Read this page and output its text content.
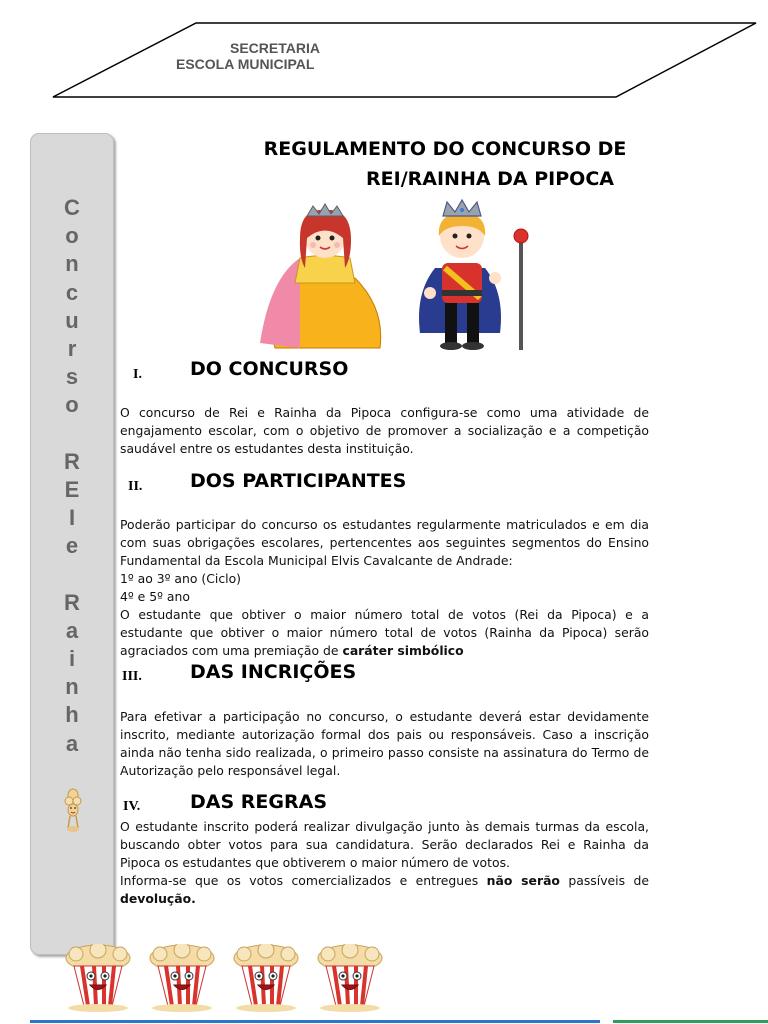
SECRETARIA
ESCOLA MUNICIPAL
C
o
n
c
u
r
s
o
R
E
I
e
R
a
i
n
h
a
REGULAMENTO DO CONCURSO DE
REI/RAINHA DA PIPOCA
I.	DO CONCURSO

O concurso de Rei e Rainha da Pipoca configura-se como uma atividade de engajamento escolar, com o objetivo de promover a socialização e a competição saudável entre os estudantes desta instituição.

II.	DOS PARTICIPANTES

Poderão participar do concurso os estudantes regularmente matriculados e em dia com suas obrigações escolares, pertencentes aos seguintes segmentos do Ensino Fundamental da Escola Municipal Elvis Cavalcante de Andrade:

1º ao 3º ano (Ciclo)

4º e 5º ano

O estudante que obtiver o maior número total de votos (Rei da Pipoca) e a estudante que obtiver o maior número total de votos (Rainha da Pipoca) serão agraciados com uma premiação de caráter simbólico

III.	DAS INCRIÇÕES

Para efetivar a participação no concurso, o estudante deverá estar devidamente inscrito, mediante autorização formal dos pais ou responsáveis. Caso a inscrição ainda não tenha sido realizada, o primeiro passo consiste na assinatura do Termo de Autorização pelo responsável legal.

IV.	DAS REGRAS

O estudante inscrito poderá realizar divulgação junto às demais turmas da escola, buscando obter votos para sua candidatura. Serão declarados Rei e Rainha da Pipoca os estudantes que obtiverem o maior número de votos.

Informa-se que os votos comercializados e entregues não serão passíveis de devolução.
